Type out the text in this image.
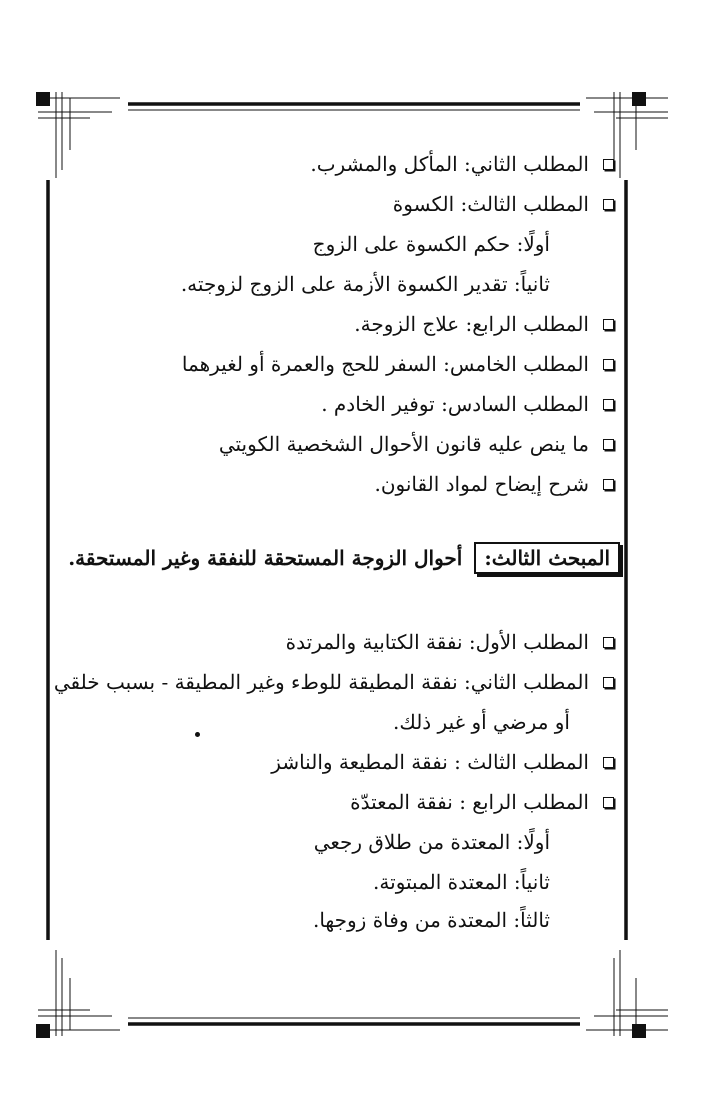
المطلب الثاني: المأكل والمشرب.
المطلب الثالث: الكسوة
أولًا: حكم الكسوة على الزوج
ثانياً: تقدير الكسوة الأزمة على الزوج لزوجته.
المطلب الرابع: علاج الزوجة.
المطلب الخامس: السفر للحج والعمرة أو لغيرهما
المطلب السادس: توفير الخادم .
ما ينص عليه قانون الأحوال الشخصية الكويتي
شرح إيضاح لمواد القانون.
المبحث الثالث:
أحوال الزوجة المستحقة للنفقة وغير المستحقة.
المطلب الأول: نفقة الكتابية والمرتدة
المطلب الثاني: نفقة المطيقة للوطء وغير المطيقة - بسبب خلقي
أو مرضي أو غير ذلك.
المطلب الثالث : نفقة المطيعة والناشز
المطلب الرابع : نفقة المعتدّة
أولًا: المعتدة من طلاق رجعي
ثانياً: المعتدة المبتوتة.
ثالثاً: المعتدة من وفاة زوجها.
